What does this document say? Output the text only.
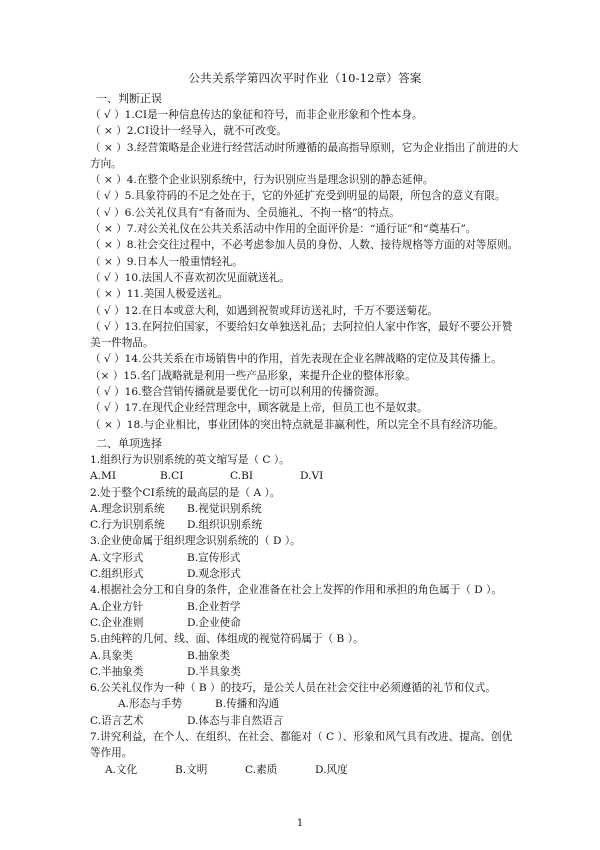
公共关系学第四次平时作业（10-12章）答案
一、判断正误
（ √ ）1.CI是一种信息传达的象征和符号，而非企业形象和个性本身。
（ × ）2.CI设计一经导入，就不可改变。
（ × ）3.经营策略是企业进行经营活动时所遵循的最高指导原则，它为企业指出了前进的大方向。
（ × ）4.在整个企业识别系统中，行为识别应当是理念识别的静态延伸。
（ √ ）5.具象符码的不足之处在于，它的外延扩充受到明显的局限，所包含的意义有限。
（ √ ）6.公关礼仪具有“有备而为、全员施礼、不拘一格”的特点。
（ × ）7.对公关礼仪在公共关系活动中作用的全面评价是：“通行证”和“奠基石”。
（ × ）8.社会交往过程中，不必考虑参加人员的身份、人数、接待规格等方面的对等原则。
（ × ）9.日本人一般重情轻礼。
（ √ ）10.法国人不喜欢初次见面就送礼。
（ × ）11.美国人极爱送礼。
（ √ ）12.在日本或意大利，如遇到祝贺或拜访送礼时，千万不要送菊花。
（ √ ）13.在阿拉伯国家，不要给妇女单独送礼品；去阿拉伯人家中作客，最好不要公开赞美一件物品。
（ √ ）14.公共关系在市场销售中的作用，首先表现在企业名牌战略的定位及其传播上。
（× ）15.名门战略就是利用一些产品形象，来提升企业的整体形象。
（ √ ）16.整合营销传播就是要优化一切可以利用的传播资源。
（ √ ）17.在现代企业经营理念中，顾客就是上帝，但员工也不是奴隶。
（ × ）18.与企业相比，事业团体的突出特点就是非赢利性，所以完全不具有经济功能。
二、单项选择
1.组织行为识别系统的英文缩写是（ C ）。
A.MI	B.CI	C.BI	D.VI
2.处于整个CI系统的最高层的是（ A ）。
A.理念识别系统	B.视觉识别系统
C.行为识别系统	D.组织识别系统
3.企业使命属于组织理念识别系统的（ D ）。
A.文字形式	B.宣传形式
C.组织形式	D.观念形式
4.根据社会分工和自身的条件，企业准备在社会上发挥的作用和承担的角色属于（ D ）。
A.企业方针	B.企业哲学
C.企业准则	D.企业使命
5.由纯粹的几何、线、面、体组成的视觉符码属于（ B ）。
A.具象类	B.抽象类
C.半抽象类	D.半具象类
6.公关礼仪作为一种（ B ）的技巧，是公关人员在社会交往中必须遵循的礼节和仪式。
A.形态与手势	B.传播和沟通
C.语言艺术	D.体态与非自然语言
7.讲究利益，在个人、在组织、在社会、都能对（ C ）、形象和风气具有改进、提高、创优等作用。
A.文化	B.文明	C.素质	D.风度
1
